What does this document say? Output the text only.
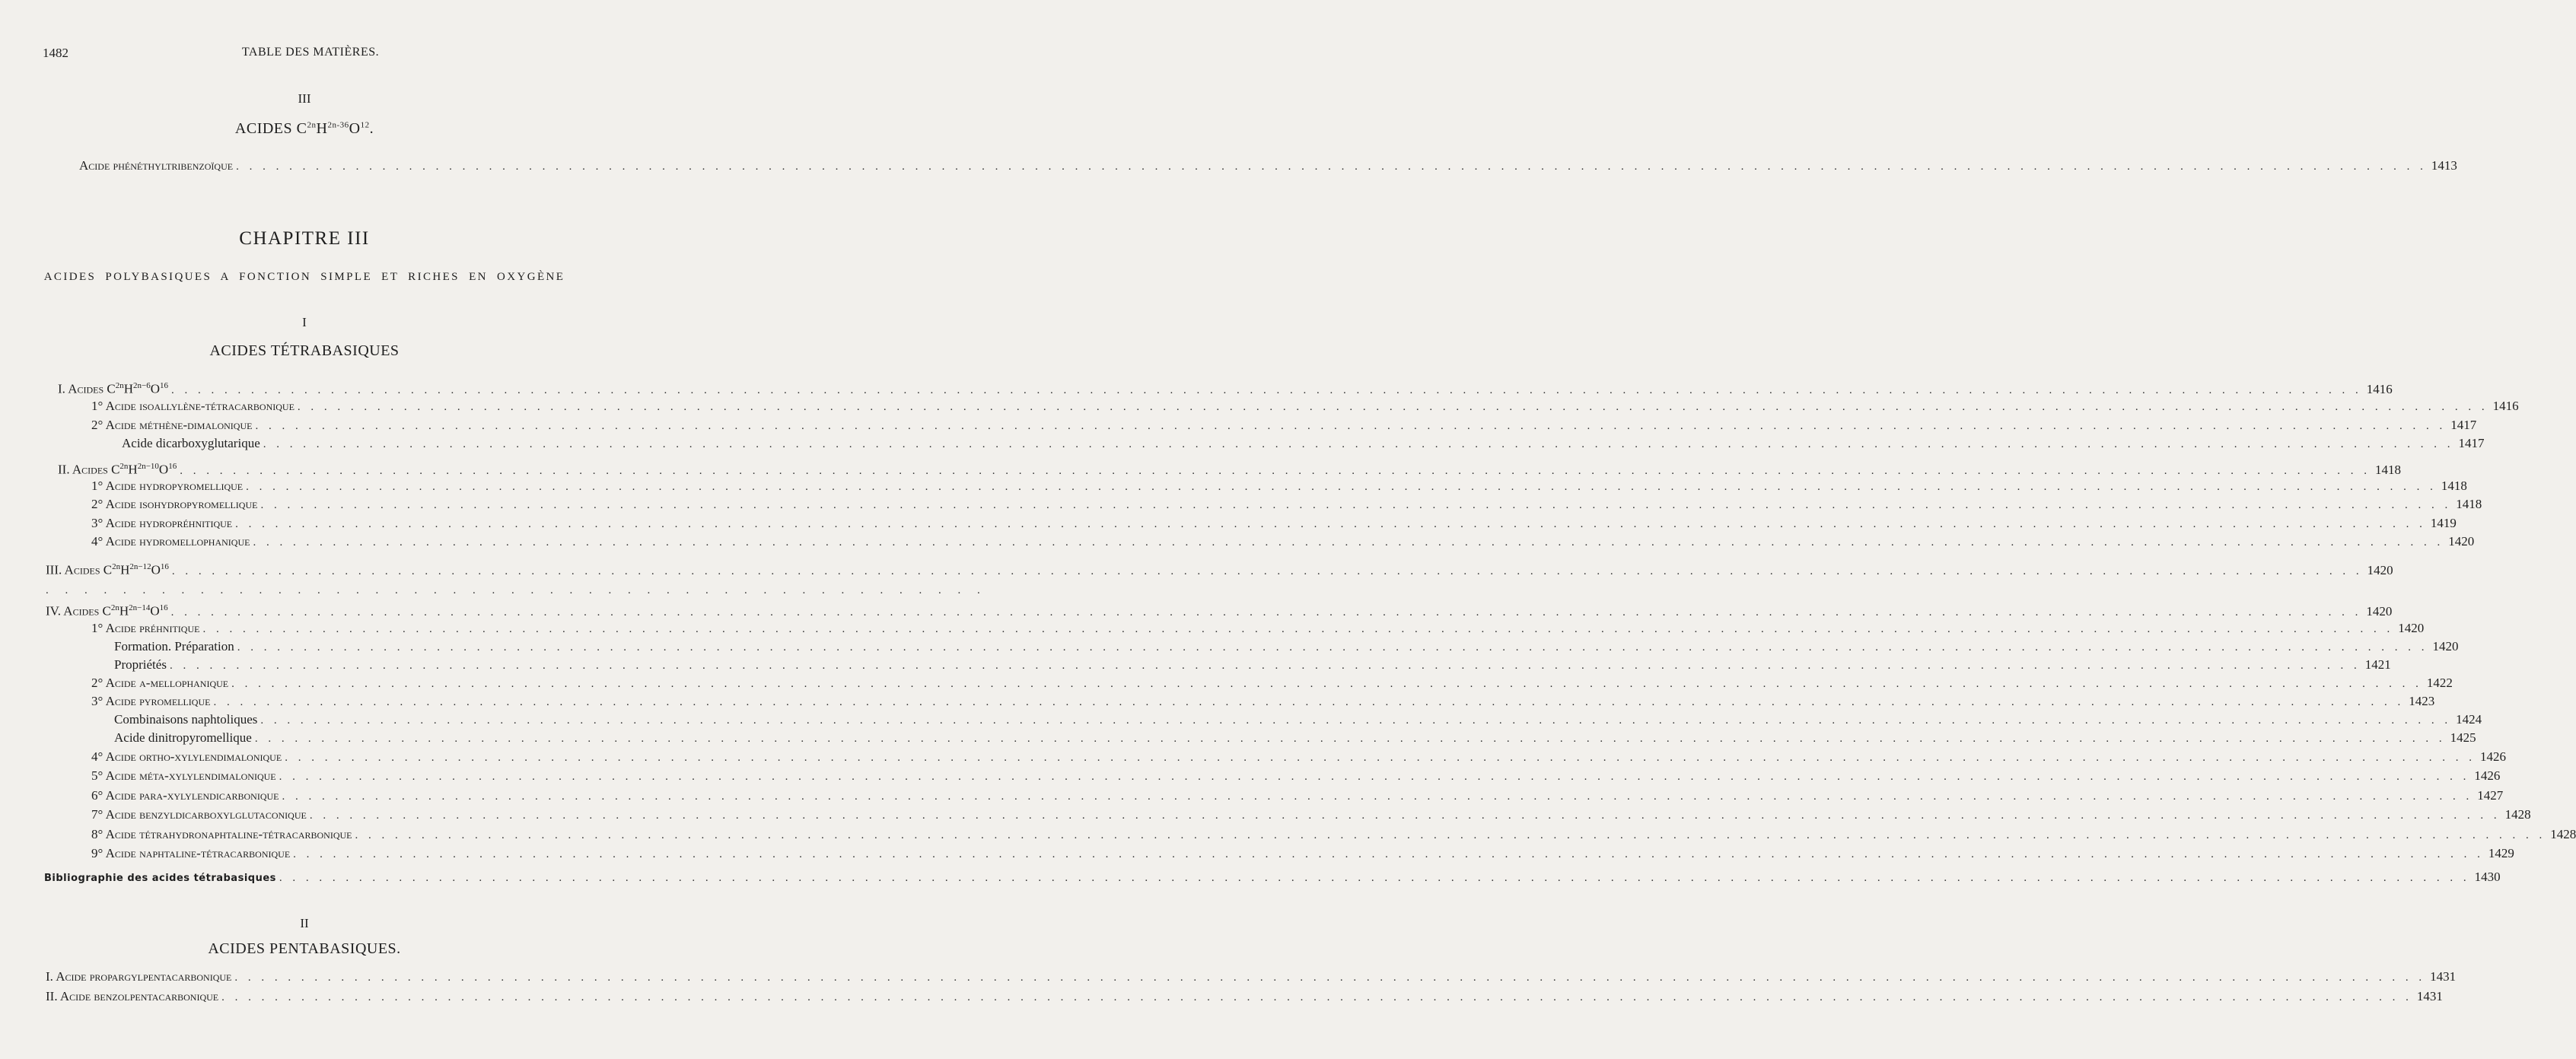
1482	TABLE DES MATIÈRES.
III
ACIDES $C^{2n}H^{2n-36}O^{12}$.
Acide phénéthyltribenzoïque . . .	1413
CHAPITRE III
ACIDES POLYBASIQUES A FONCTION SIMPLE ET RICHES EN OXYGÈNE
I
ACIDES TÉTRABASIQUES
I. Acides $C^{2n}H^{2n-6}O^{16}$ . . .	1416
1° Acide isoallylène-tétracarbonique . . .	1416
2° Acide méthène-dimalonique . . .	1417
Acide dicarboxyglutarique . . .	1417
II. Acides $C^{2n}H^{2n-10}O^{16}$ . . .	1418
1° Acide hydropyromellique . . .	1418
2° Acide isohydropyromellique . . .	1418
3° Acide hydropréhnitique . . .	1419
4° Acide hydromellophanique . . .	1420
III. Acides $C^{2n}H^{2n-12}O^{16}$ . . .	1420
. . . . . . . . . . . . . . . . . . . . . . . . . . . . . . . . . . . . . . . . . . . . . . . . .
IV. Acides $C^{2n}H^{2n-14}O^{16}$ . . .	1420
1° Acide préhnitique . . .	1420
Formation. Préparation . . .	1420
Propriétés . . .	1421
2° Acide α-mellophanique . . .	1422
3° Acide pyromellique . . .	1423
Combinaisons naphtoliques . . .	1424
Acide dinitropyromellique . . .	1425
4° Acide ortho-xylylendimalonique . . .	1426
5° Acide méta-xylylendimalonique . . .	1426
6° Acide para-xylylendicarbonique . . .	1427
7° Acide benzyldicarboxylglutaconique . . .	1428
8° Acide tétrahydronaphtaline-tétracarbonique . . .	1428
9° Acide naphtaline-tétracarbonique . . .	1429
Bibliographie des acides tétrabasiques . . .	1430
II
ACIDES PENTABASIQUES.
I. Acide propargylpentacarbonique . . .	1431
II. Acide benzolpentacarbonique . . .	1431
